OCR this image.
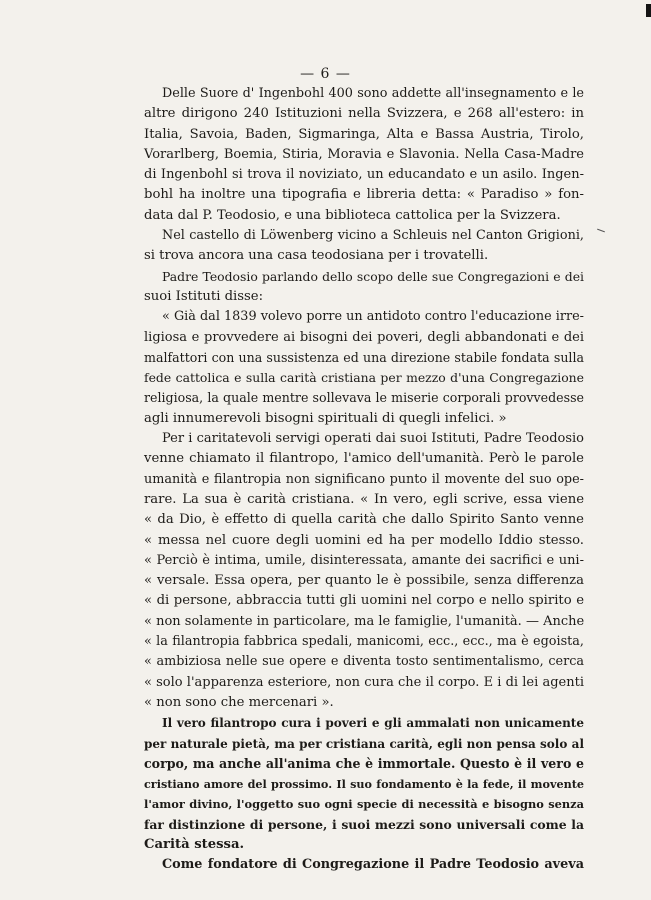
— 6 —
Delle Suore d' Ingenbohl 400 sono addette all'insegnamento e le
altre dirigono 240 Istituzioni nella Svizzera, e 268 all'estero: in
Italia, Savoia, Baden, Sigmaringa, Alta e Bassa Austria, Tirolo,
Vorarlberg, Boemia, Stiria, Moravia e Slavonia. Nella Casa-Madre
di Ingenbohl si trova il noviziato, un educandato e un asilo. Ingen-
bohl ha inoltre una tipografia e libreria detta: « Paradiso » fon-
data dal P. Teodosio, e una biblioteca cattolica per la Svizzera.
Nel castello di Löwenberg vicino a Schleuis nel Canton Grigioni,
si trova ancora una casa teodosiana per i trovatelli.
Padre Teodosio parlando dello scopo delle sue Congregazioni e dei
suoi Istituti disse:
« Già dal 1839 volevo porre un antidoto contro l'educazione irre-
ligiosa e provvedere ai bisogni dei poveri, degli abbandonati e dei
malfattori con una sussistenza ed una direzione stabile fondata sulla
fede cattolica e sulla carità cristiana per mezzo d'una Congregazione
religiosa, la quale mentre sollevava le miserie corporali provvedesse
agli innumerevoli bisogni spirituali di quegli infelici. »
Per i caritatevoli servigi operati dai suoi Istituti, Padre Teodosio
venne chiamato il filantropo, l'amico dell'umanità. Però le parole
umanità e filantropia non significano punto il movente del suo ope-
rare. La sua è carità cristiana. « In vero, egli scrive, essa viene
« da Dio, è effetto di quella carità che dallo Spirito Santo venne
« messa nel cuore degli uomini ed ha per modello Iddio stesso.
« Perciò è intima, umile, disinteressata, amante dei sacrifici e uni-
« versale. Essa opera, per quanto le è possibile, senza differenza
« di persone, abbraccia tutti gli uomini nel corpo e nello spirito e
« non solamente in particolare, ma le famiglie, l'umanità. — Anche
« la filantropia fabbrica spedali, manicomi, ecc., ecc., ma è egoista,
« ambiziosa nelle sue opere e diventa tosto sentimentalismo, cerca
« solo l'apparenza esteriore, non cura che il corpo. E i di lei agenti
« non sono che mercenari ».
Il vero filantropo cura i poveri e gli ammalati non unicamente
per naturale pietà, ma per cristiana carità, egli non pensa solo al
corpo, ma anche all'anima che è immortale. Questo è il vero e
cristiano amore del prossimo. Il suo fondamento è la fede, il movente
l'amor divino, l'oggetto suo ogni specie di necessità e bisogno senza
far distinzione di persone, i suoi mezzi sono universali come la
Carità stessa.
Come fondatore di Congregazione il Padre Teodosio aveva
